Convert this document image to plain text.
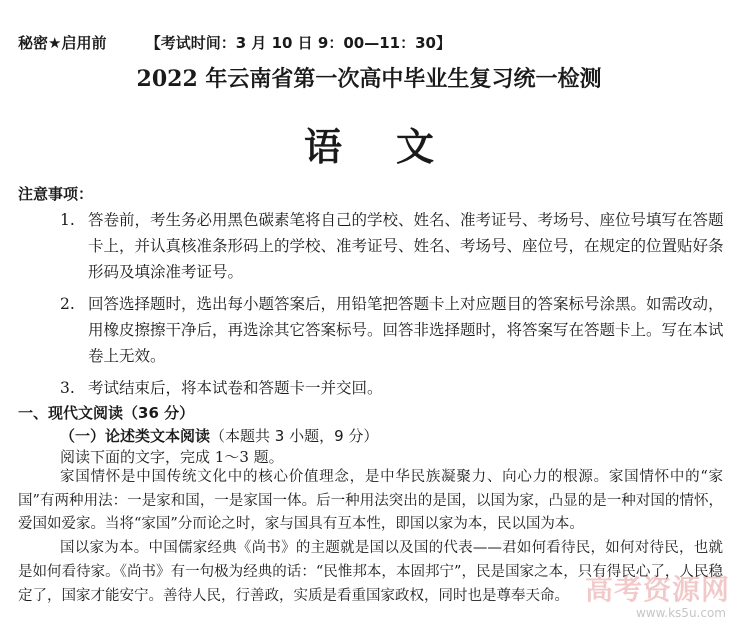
秘密★启用前	【考试时间：3 月 10 日 9：00—11：30】
2022 年云南省第一次高中毕业生复习统一检测
语文
注意事项：
1. 答卷前，考生务必用黑色碳素笔将自己的学校、姓名、准考证号、考场号、座位号填写在答题卡上，并认真核准条形码上的学校、准考证号、姓名、考场号、座位号，在规定的位置贴好条形码及填涂准考证号。
2. 回答选择题时，选出每小题答案后，用铅笔把答题卡上对应题目的答案标号涂黑。如需改动，用橡皮擦擦干净后，再选涂其它答案标号。回答非选择题时，将答案写在答题卡上。写在本试卷上无效。
3. 考试结束后，将本试卷和答题卡一并交回。
一、现代文阅读（36 分）
（一）论述类文本阅读（本题共 3 小题，9 分）
阅读下面的文字，完成 1～3 题。

家国情怀是中国传统文化中的核心价值理念，是中华民族凝聚力、向心力的根源。家国情怀中的“家国”有两种用法：一是家和国，一是家国一体。后一种用法突出的是国，以国为家，凸显的是一种对国的情怀，爱国如爱家。当将“家国”分而论之时，家与国具有互本性，即国以家为本，民以国为本。

国以家为本。中国儒家经典《尚书》的主题就是国以及国的代表——君如何看待民，如何对待民，也就是如何看待家。《尚书》有一句极为经典的话：“民惟邦本，本固邦宁”，民是国家之本，只有得民心了，人民稳定了，国家才能安宁。善待人民，行善政，实质是看重国家政权，同时也是尊奉天命。 高考资源网
www.ks5u.com
